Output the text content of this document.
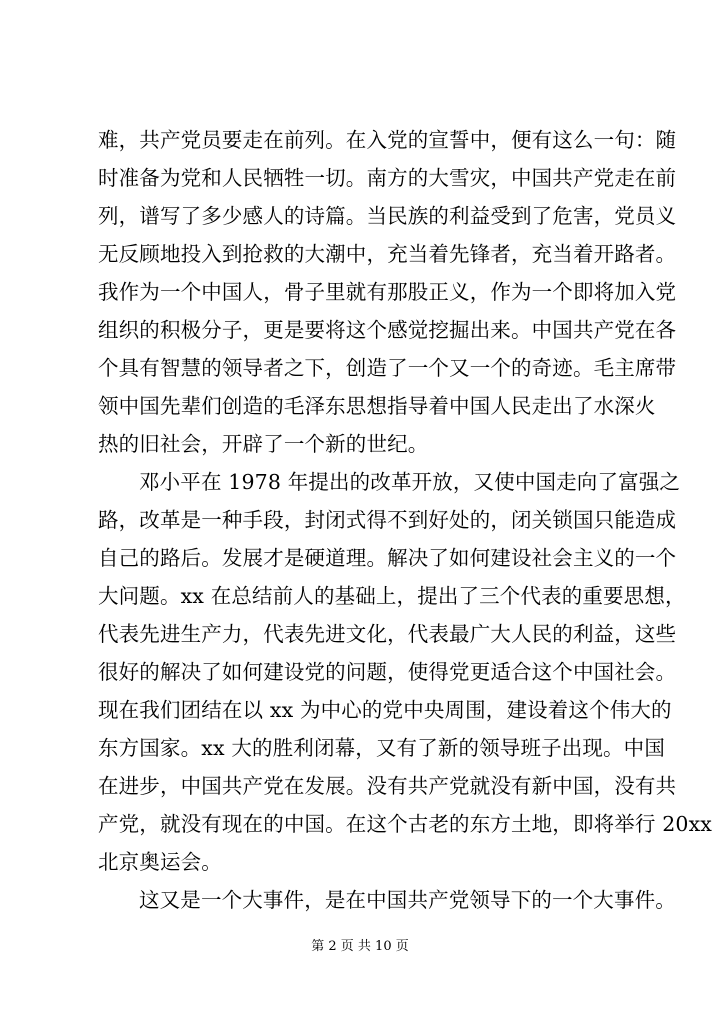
难，共产党员要走在前列。在入党的宣誓中，便有这么一句：随
时准备为党和人民牺牲一切。南方的大雪灾，中国共产党走在前
列，谱写了多少感人的诗篇。当民族的利益受到了危害，党员义
无反顾地投入到抢救的大潮中，充当着先锋者，充当着开路者。
我作为一个中国人，骨子里就有那股正义，作为一个即将加入党
组织的积极分子，更是要将这个感觉挖掘出来。中国共产党在各
个具有智慧的领导者之下，创造了一个又一个的奇迹。毛主席带
领中国先辈们创造的毛泽东思想指导着中国人民走出了水深火
热的旧社会，开辟了一个新的世纪。
邓小平在 1978 年提出的改革开放，又使中国走向了富强之
路，改革是一种手段，封闭式得不到好处的，闭关锁国只能造成
自己的路后。发展才是硬道理。解决了如何建设社会主义的一个
大问题。xx 在总结前人的基础上，提出了三个代表的重要思想，
代表先进生产力，代表先进文化，代表最广大人民的利益，这些
很好的解决了如何建设党的问题，使得党更适合这个中国社会。
现在我们团结在以 xx 为中心的党中央周围，建设着这个伟大的
东方国家。xx 大的胜利闭幕，又有了新的领导班子出现。中国
在进步，中国共产党在发展。没有共产党就没有新中国，没有共
产党，就没有现在的中国。在这个古老的东方土地，即将举行 20xx
北京奥运会。
这又是一个大事件，是在中国共产党领导下的一个大事件。
第 2 页 共 10 页
